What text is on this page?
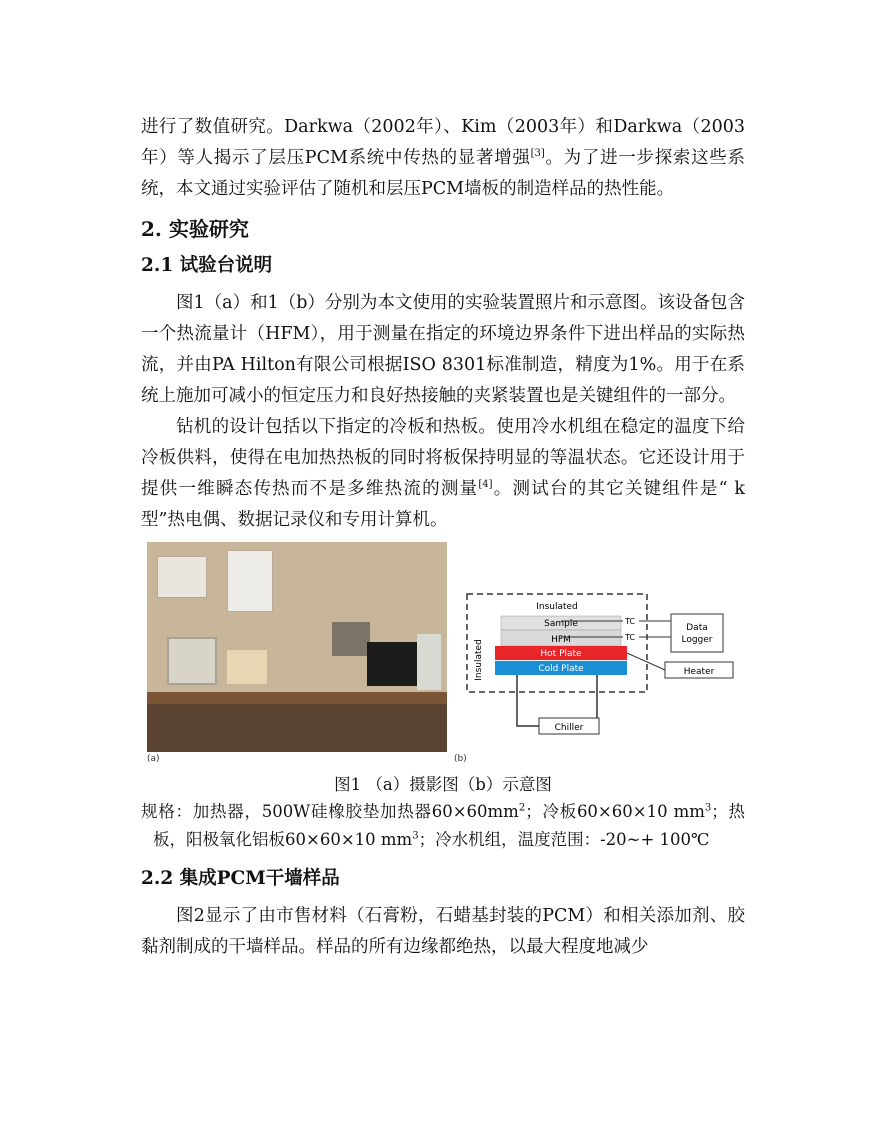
进行了数值研究。Darkwa（2002年）、Kim（2003年）和Darkwa（2003年）等人揭示了层压PCM系统中传热的显著增强[3]。为了进一步探索这些系统，本文通过实验评估了随机和层压PCM墙板的制造样品的热性能。

2. 实验研究
2.1 试验台说明

图1（a）和1（b）分别为本文使用的实验装置照片和示意图。该设备包含一个热流量计（HFM），用于测量在指定的环境边界条件下进出样品的实际热流，并由PA Hilton有限公司根据ISO 8301标准制造，精度为1%。用于在系统上施加可减小的恒定压力和良好热接触的夹紧装置也是关键组件的一部分。

钻机的设计包括以下指定的冷板和热板。使用冷水机组在稳定的温度下给冷板供料，使得在电加热热板的同时将板保持明显的等温状态。它还设计用于提供一维瞬态传热而不是多维热流的测量[4]。测试台的其它关键组件是“ k型”热电偶、数据记录仪和专用计算机。

(a)
Insulated
Insulated
Sample
HFM
Hot Plate
Cold Plate
TC
TC
Data
Logger
Heater
Chiller
(b)
图1 （a）摄影图（b）示意图
规格：加热器，500W硅橡胶垫加热器$60\times 60mm^2$；冷板60×60×10 $mm^3$；热板，阳极氧化铝板60×60×10 $mm^3$；冷水机组，温度范围：-20~+ 100℃
2.2 集成PCM干墙样品

图2显示了由市售材料（石膏粉，石蜡基封装的PCM）和相关添加剂、胶黏剂制成的干墙样品。样品的所有边缘都绝热，以最大程度地减少
